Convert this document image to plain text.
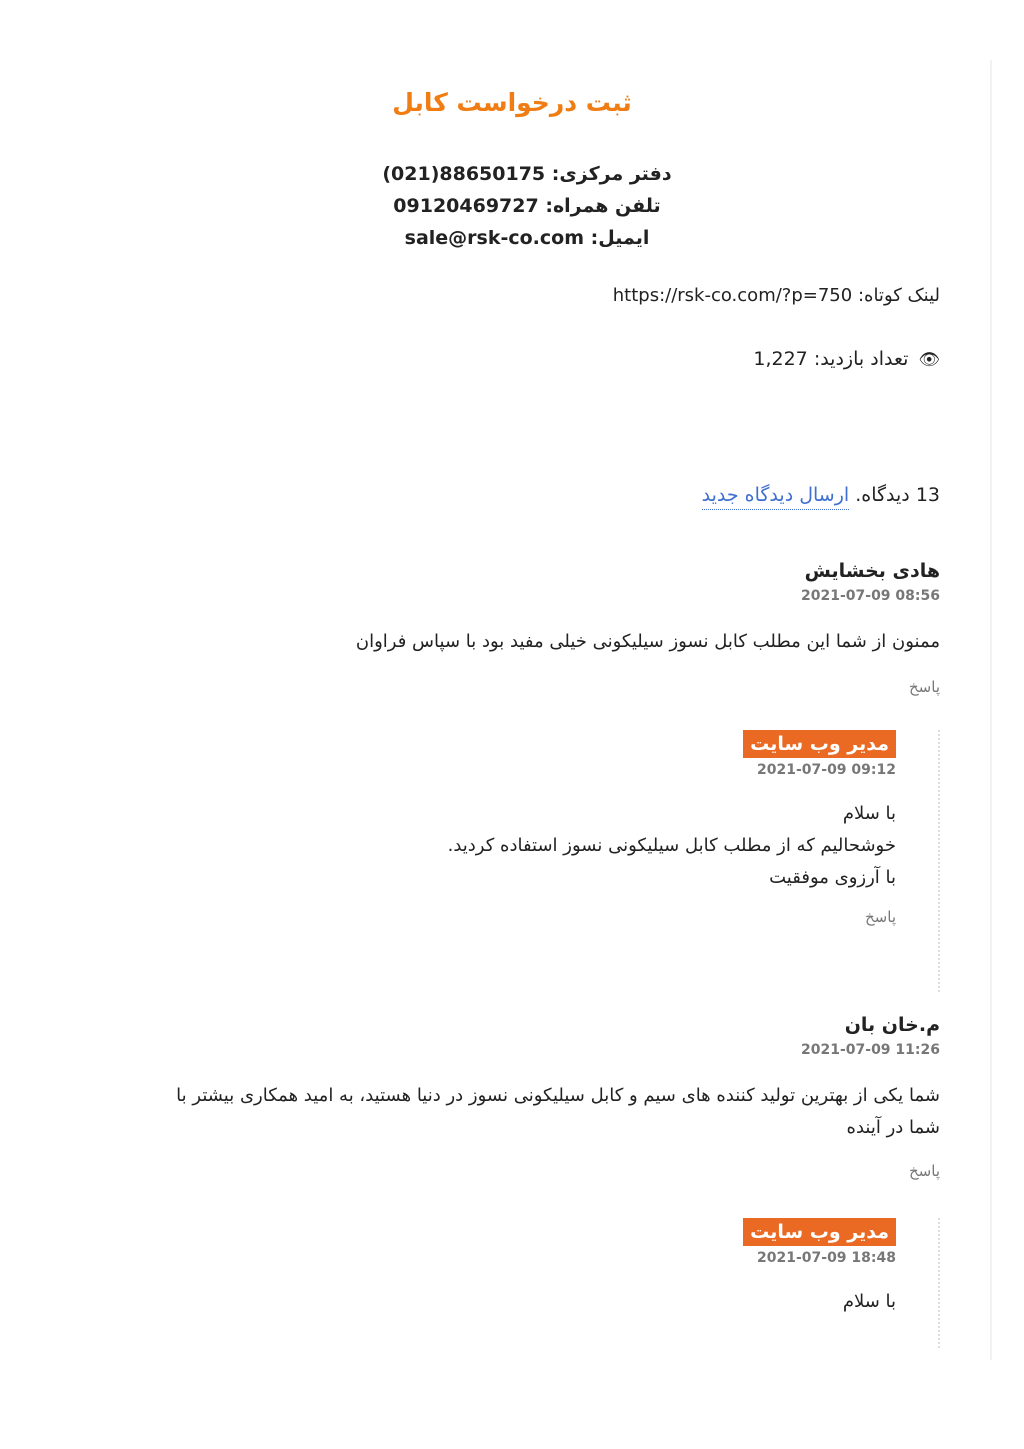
ثبت درخواست کابل
دفتر مرکزی: 88650175(021)
تلفن همراه: 09120469727
ایمیل: sale@rsk-co.com
لینک کوتاه: https://rsk-co.com/?p=750
👁تعداد بازدید: 1,227
13 دیدگاه. ارسال دیدگاه جدید
هادی بخشایش
2021-07-09 08:56
ممنون از شما این مطلب کابل نسوز سیلیکونی خیلی مفید بود با سپاس فراوان
پاسخ
مدیر وب سایت
2021-07-09 09:12
با سلام
خوشحالیم که از مطلب کابل سیلیکونی نسوز استفاده کردید.
با آرزوی موفقیت
پاسخ
م.خان بان
2021-07-09 11:26
شما یکی از بهترین تولید کننده های سیم و کابل سیلیکونی نسوز در دنیا هستید، به امید همکاری بیشتر با شما در آینده
پاسخ
مدیر وب سایت
2021-07-09 18:48
با سلام
